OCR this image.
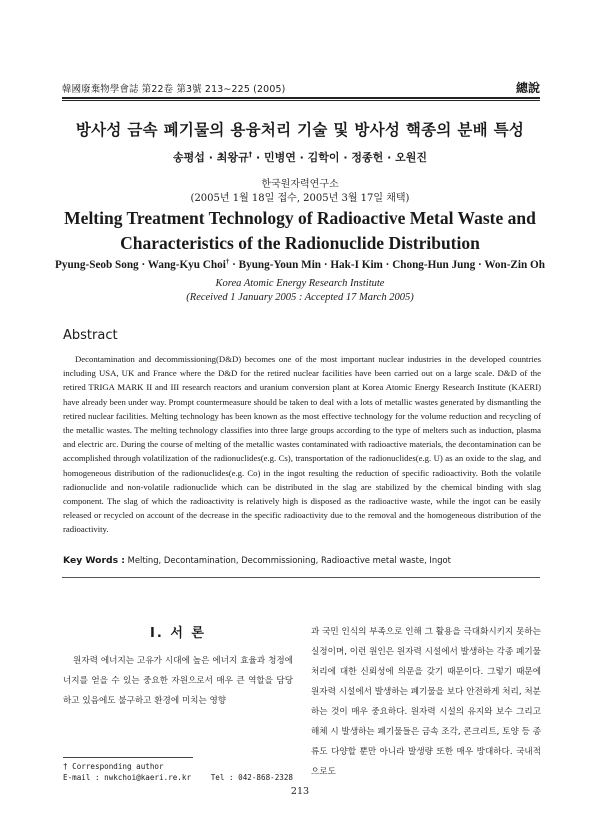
韓國廢棄物學會誌 第22卷 第3號 213∼225 (2005)	總說
방사성 금속 폐기물의 용융처리 기술 및 방사성 핵종의 분배 특성
송평섭 · 최왕규† · 민병연 · 김학이 · 정종헌 · 오원진
한국원자력연구소
(2005년 1월 18일 접수, 2005년 3월 17일 채택)
Melting Treatment Technology of Radioactive Metal Waste and
Characteristics of the Radionuclide Distribution
Pyung-Seob Song · Wang-Kyu Choi† · Byung-Youn Min · Hak-I Kim · Chong-Hun Jung · Won-Zin Oh
Korea Atomic Energy Research Institute
(Received 1 January 2005 : Accepted 17 March 2005)
Abstract

Decontamination and decommissioning(D&D) becomes one of the most important nuclear industries in the developed countries including USA, UK and France where the D&D for the retired nuclear facilities have been carried out on a large scale. D&D of the retired TRIGA MARK II and III research reactors and uranium conversion plant at Korea Atomic Energy Research Institute (KAERI) have already been under way. Prompt countermeasure should be taken to deal with a lots of metallic wastes generated by dismantling the retired nuclear facilities. Melting technology has been known as the most effective technology for the volume reduction and recycling of the metallic wastes. The melting technology classifies into three large groups according to the type of melters such as induction, plasma and electric arc. During the course of melting of the metallic wastes contaminated with radioactive materials, the decontamination can be accomplished through volatilization of the radionuclides(e.g. Cs), transportation of the radionuclides(e.g. U) as an oxide to the slag, and homogeneous distribution of the radionuclides(e.g. Co) in the ingot resulting the reduction of specific radioactivity. Both the volatile radionuclide and non-volatile radionuclide which can be distributed in the slag are stabilized by the chemical binding with slag component. The slag of which the radioactivity is relatively high is disposed as the radioactive waste, while the ingot can be easily released or recycled on account of the decrease in the specific radioactivity due to the removal and the homogeneous distribution of the radioactivity.

Key Words : Melting, Decontamination, Decommissioning, Radioactive metal waste, Ingot
Ⅰ. 서 론

원자력 에너지는 고유가 시대에 높은 에너지 효율과 청정에너지를 얻을 수 있는 중요한 자원으로서 매우 큰 역할을 담당하고 있음에도 불구하고 환경에 미치는 영향

과 국민 인식의 부족으로 인해 그 활용을 극대화시키지 못하는 실정이며, 이런 원인은 원자력 시설에서 발생하는 각종 폐기물 처리에 대한 신뢰성에 의문을 갖기 때문이다. 그렇기 때문에 원자력 시설에서 발생하는 폐기물을 보다 안전하게 처리, 처분하는 것이 매우 중요하다. 원자력 시설의 유지와 보수 그리고 해체 시 발생하는 폐기물들은 금속 조각, 콘크리트, 토양 등 종류도 다양할 뿐만 아니라 발생량 또한 매우 방대하다. 국내적으로도

† Corresponding author
E-mail : nwkchoi@kaeri.re.kr	Tel : 042-868-2328
213
